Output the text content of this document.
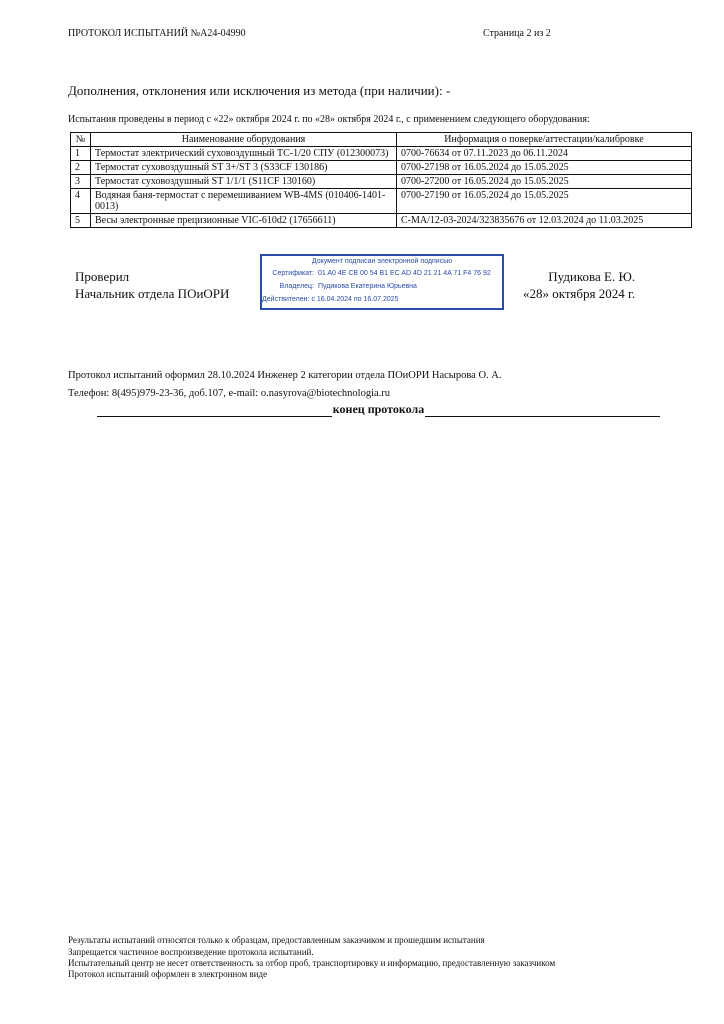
ПРОТОКОЛ ИСПЫТАНИЙ №А24-04990	Страница 2 из 2
Дополнения, отклонения или исключения из метода (при наличии): -
Испытания проведены в период с «22» октября 2024 г. по «28» октября 2024 г., с применением следующего оборудования:
№	Наименование оборудования	Информация о поверке/аттестации/калибровке
1	Термостат электрический суховоздушный ТС-1/20 СПУ (012300073)	0700-76634 от 07.11.2023 до 06.11.2024
2	Термостат суховоздушный ST 3+/ST 3 (S33CF 130186)	0700-27198 от 16.05.2024 до 15.05.2025
3	Термостат суховоздушный ST 1/1/1 (S11CF 130160)	0700-27200 от 16.05.2024 до 15.05.2025
4	Водяная баня-термостат с перемешиванием WB-4MS (010406-1401-0013)	0700-27190 от 16.05.2024 до 15.05.2025
5	Весы электронные прецизионные VIC-610d2 (17656611)	С-МА/12-03-2024/323835676 от 12.03.2024 до 11.03.2025
Проверил
Начальник отдела ПОиОРИ
Документ подписан электронной подписью
Сертификат: 01 A0 4E CB 00 54 B1 EC AD 4D 21 21 4A 71 F4 76 92
Владелец: Пудикова Екатерина Юрьевна
Действителен: с 16.04.2024 по 16.07.2025
Пудикова Е. Ю.
«28» октября 2024 г.
Протокол испытаний оформил 28.10.2024 Инженер 2 категории отдела ПОиОРИ Насырова О. А.
Телефон: 8(495)979-23-36, доб.107, e-mail: o.nasyrova@biotechnologia.ru
конец протокола
Результаты испытаний относятся только к образцам, предоставленным заказчиком и прошедшим испытания
Запрещается частичное воспроизведение протокола испытаний.
Испытательный центр не несет ответственность за отбор проб, транспортировку и информацию, предоставленную заказчиком
Протокол испытаний оформлен в электронном виде
